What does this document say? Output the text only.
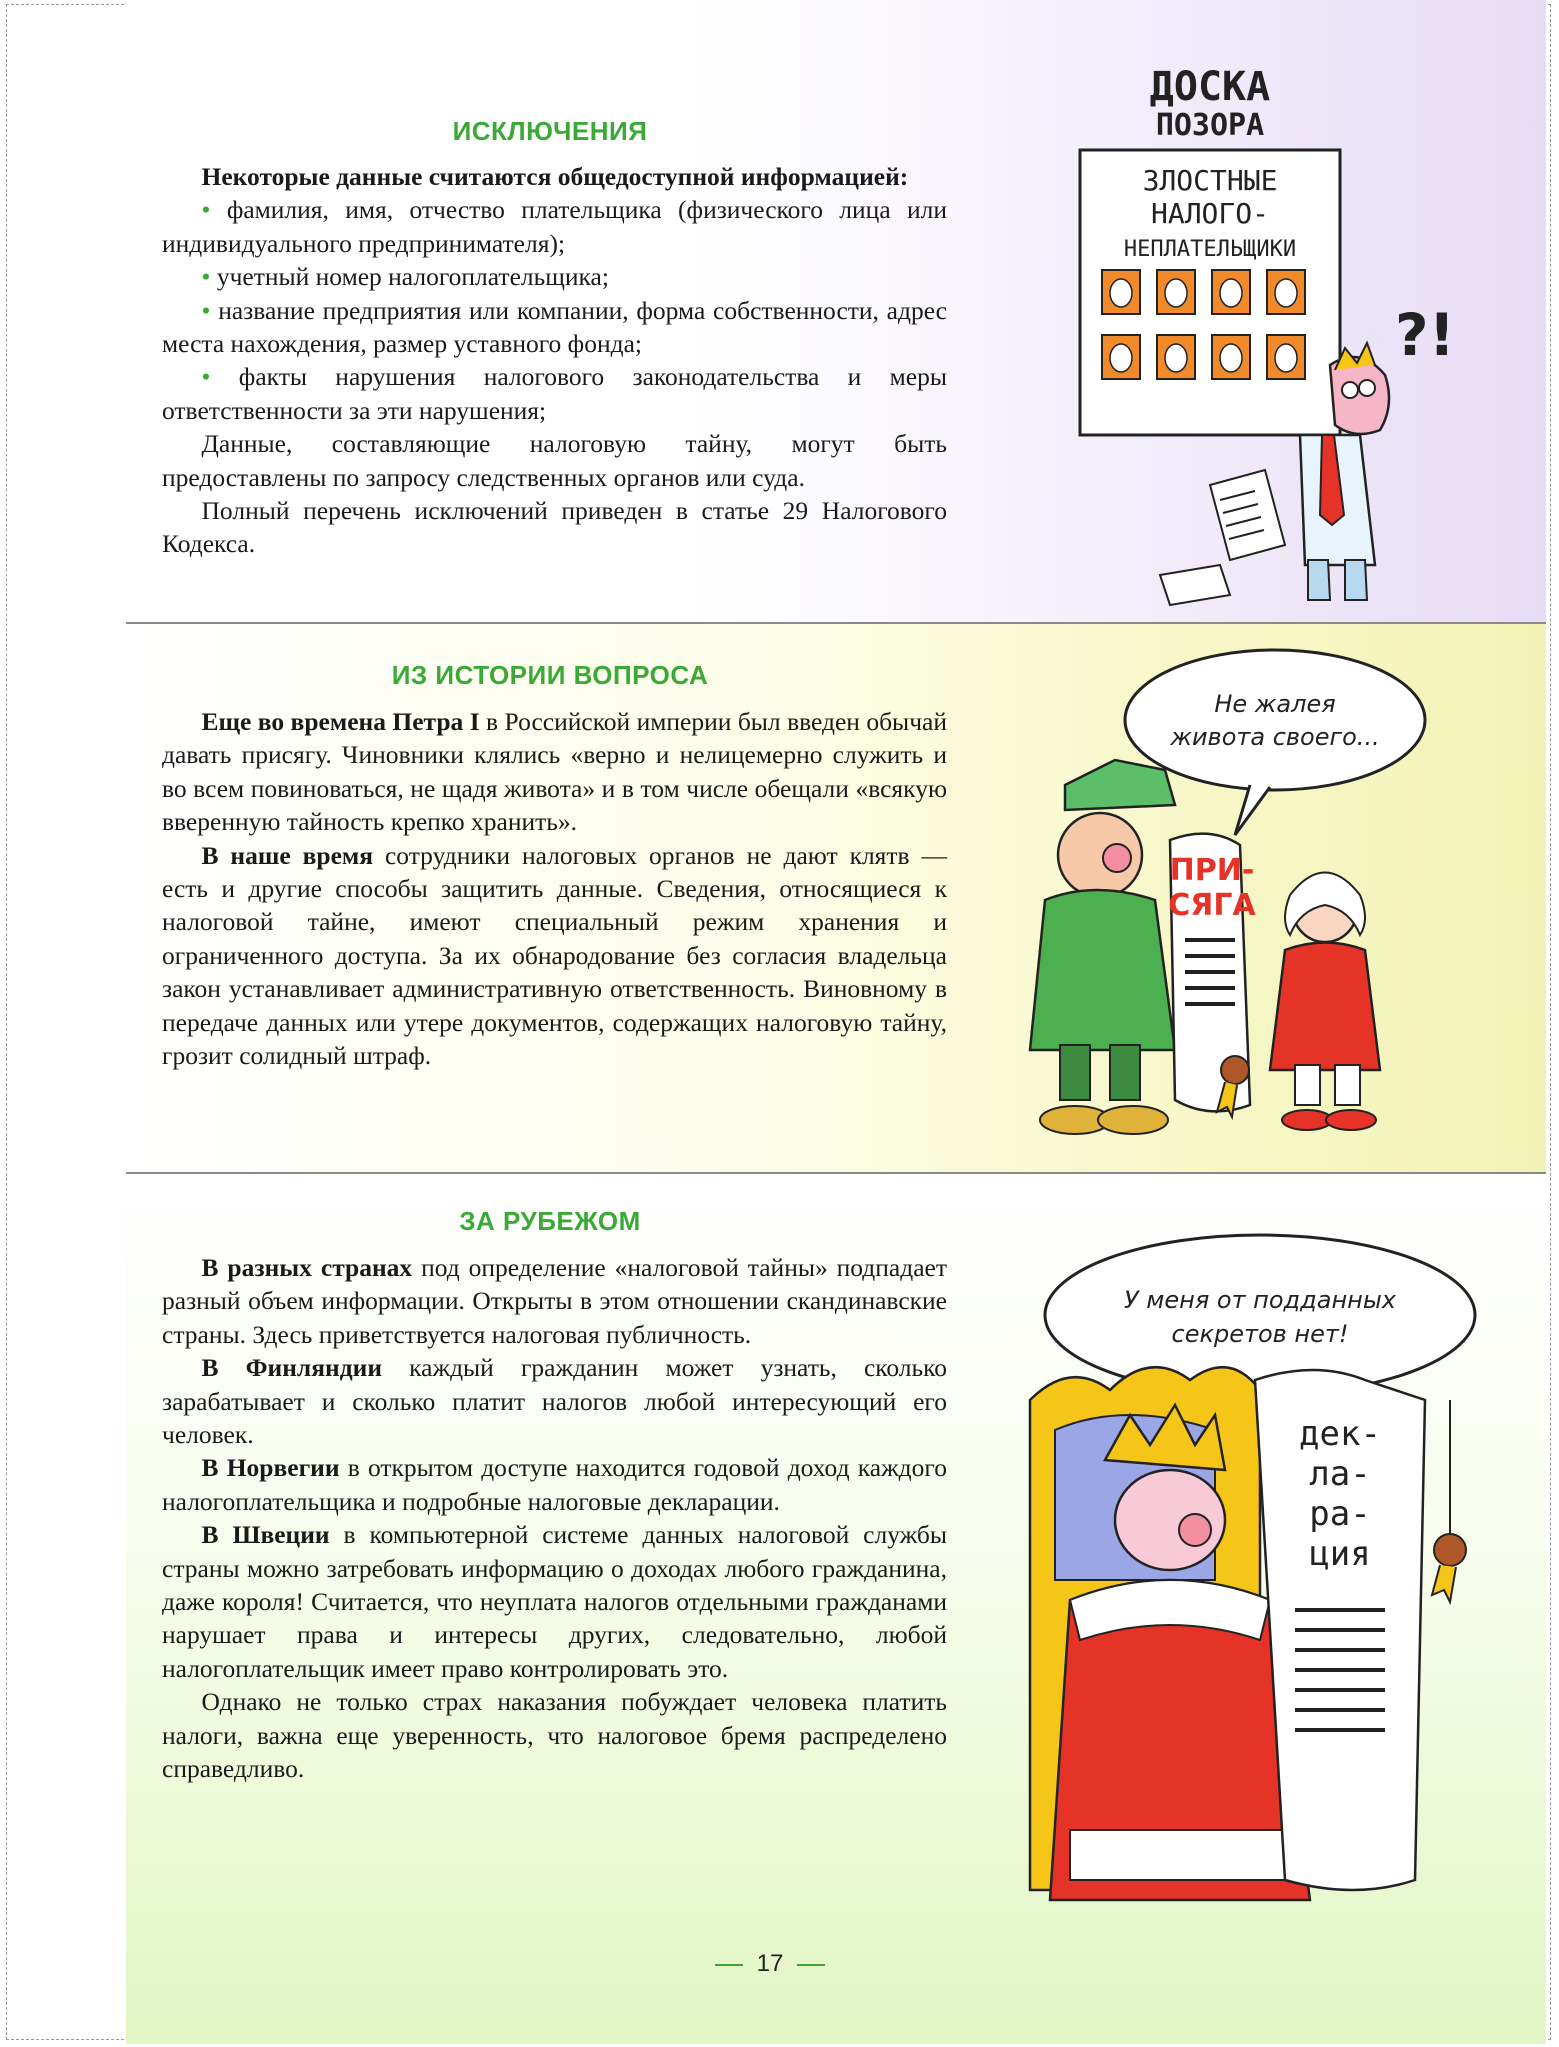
ИСКЛЮЧЕНИЯ

Некоторые данные считаются общедоступной информацией:

• фамилия, имя, отчество плательщика (физического лица или индивидуального предпринимателя);

• учетный номер налогоплательщика;

• название предприятия или компании, форма собственности, адрес места нахождения, размер уставного фонда;

• факты нарушения налогового законодательства и меры ответственности за эти нарушения;

Данные, составляющие налоговую тайну, могут быть предоставлены по запросу следственных органов или суда.

Полный перечень исключений приведен в статье 29 Налогового Кодекса.

ДОСКА
ПОЗОРА
ЗЛОСТНЫЕ
НАЛОГО-
НЕПЛАТЕЛЬЩИКИ
?!
ИЗ ИСТОРИИ ВОПРОСА

Еще во времена Петра I в Российской империи был введен обычай давать присягу. Чиновники клялись «верно и нелицемерно служить и во всем повиноваться, не щадя живота» и в том числе обещали «всякую вверенную тайность крепко хранить».

В наше время сотрудники налоговых органов не дают клятв — есть и другие способы защитить данные. Сведения, относящиеся к налоговой тайне, имеют специальный режим хранения и ограниченного доступа. За их обнародование без согласия владельца закон устанавливает административную ответственность. Виновному в передаче данных или утере документов, содержащих налоговую тайну, грозит солидный штраф.

Не жалея
живота своего...
ПРИ-
СЯГА
ЗА РУБЕЖОМ

В разных странах под определение «налоговой тайны» подпадает разный объем информации. Открыты в этом отношении скандинавские страны. Здесь приветствуется налоговая публичность.

В Финляндии каждый гражданин может узнать, сколько зарабатывает и сколько платит налогов любой интересующий его человек.

В Норвегии в открытом доступе находится годовой доход каждого налогоплательщика и подробные налоговые декларации.

В Швеции в компьютерной системе данных налоговой службы страны можно затребовать информацию о доходах любого гражданина, даже короля! Считается, что неуплата налогов отдельными гражданами нарушает права и интересы других, следовательно, любой налогоплательщик имеет право контролировать это.

Однако не только страх наказания побуждает человека платить налоги, важна еще уверенность, что налоговое бремя распределено справедливо.

У меня от подданных
секретов нет!
дек-
ла-
ра-
ция
17
